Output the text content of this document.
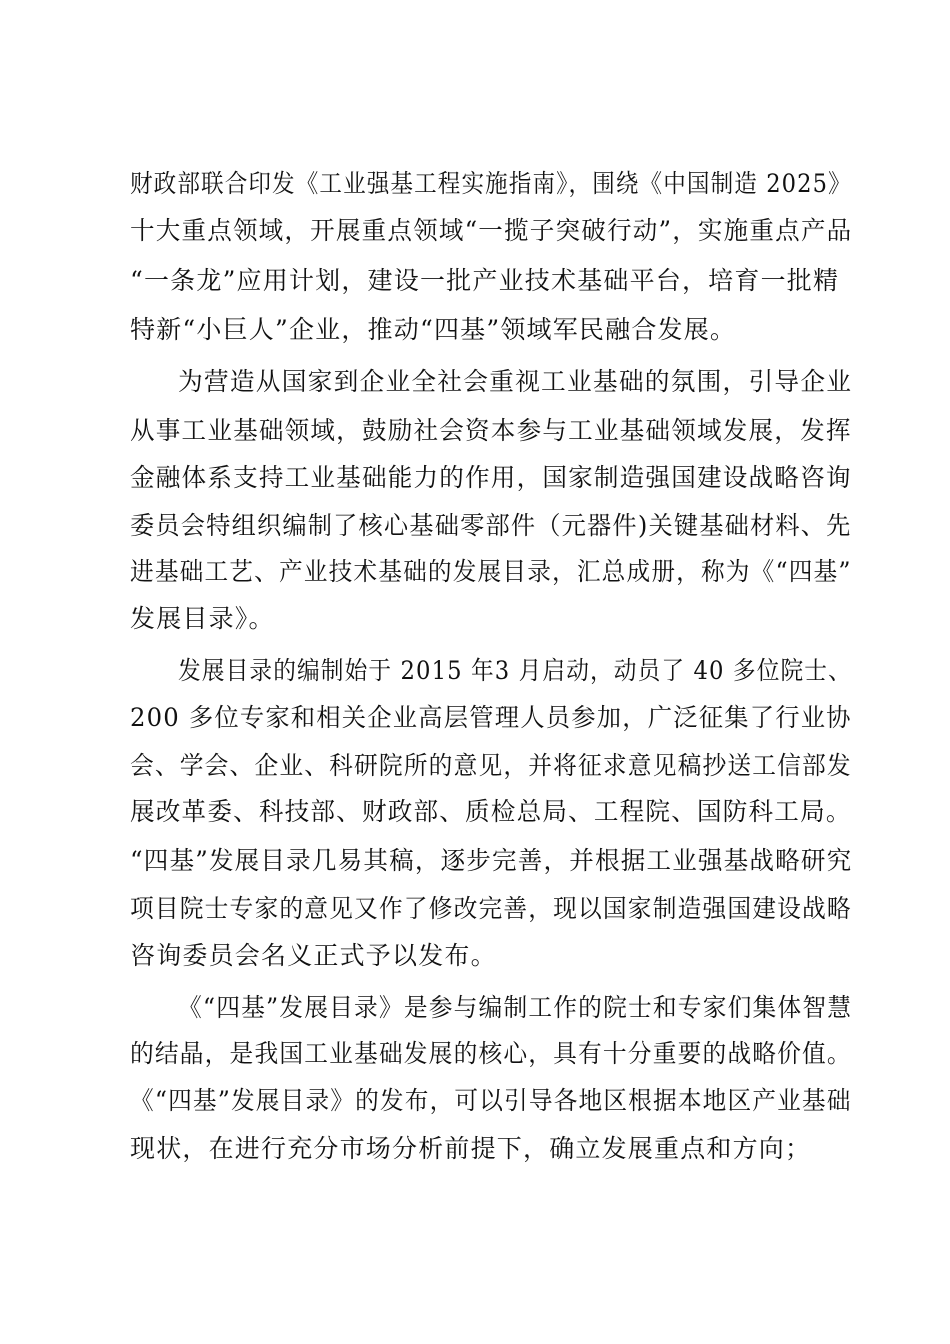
财政部联合印发《工业强基工程实施指南》，围绕《中国制造 2025》
十大重点领域，开展重点领域“一揽子突破行动”，实施重点产品
“一条龙”应用计划，建设一批产业技术基础平台，培育一批精
特新“小巨人”企业，推动“四基”领域军民融合发展。
为营造从国家到企业全社会重视工业基础的氛围，引导企业
从事工业基础领域，鼓励社会资本参与工业基础领域发展，发挥
金融体系支持工业基础能力的作用，国家制造强国建设战略咨询
委员会特组织编制了核心基础零部件（元器件)关键基础材料、先
进基础工艺、产业技术基础的发展目录，汇总成册，称为《“四基”
发展目录》。
发展目录的编制始于 2015 年3 月启动，动员了 40 多位院士、
200 多位专家和相关企业高层管理人员参加，广泛征集了行业协
会、学会、企业、科研院所的意见，并将征求意见稿抄送工信部发
展改革委、科技部、财政部、质检总局、工程院、国防科工局。
“四基”发展目录几易其稿，逐步完善，并根据工业强基战略研究
项目院士专家的意见又作了修改完善，现以国家制造强国建设战略
咨询委员会名义正式予以发布。
《“四基”发展目录》是参与编制工作的院士和专家们集体智慧
的结晶，是我国工业基础发展的核心，具有十分重要的战略价值。
《“四基”发展目录》的发布，可以引导各地区根据本地区产业基础
现状，在进行充分市场分析前提下，确立发展重点和方向；
